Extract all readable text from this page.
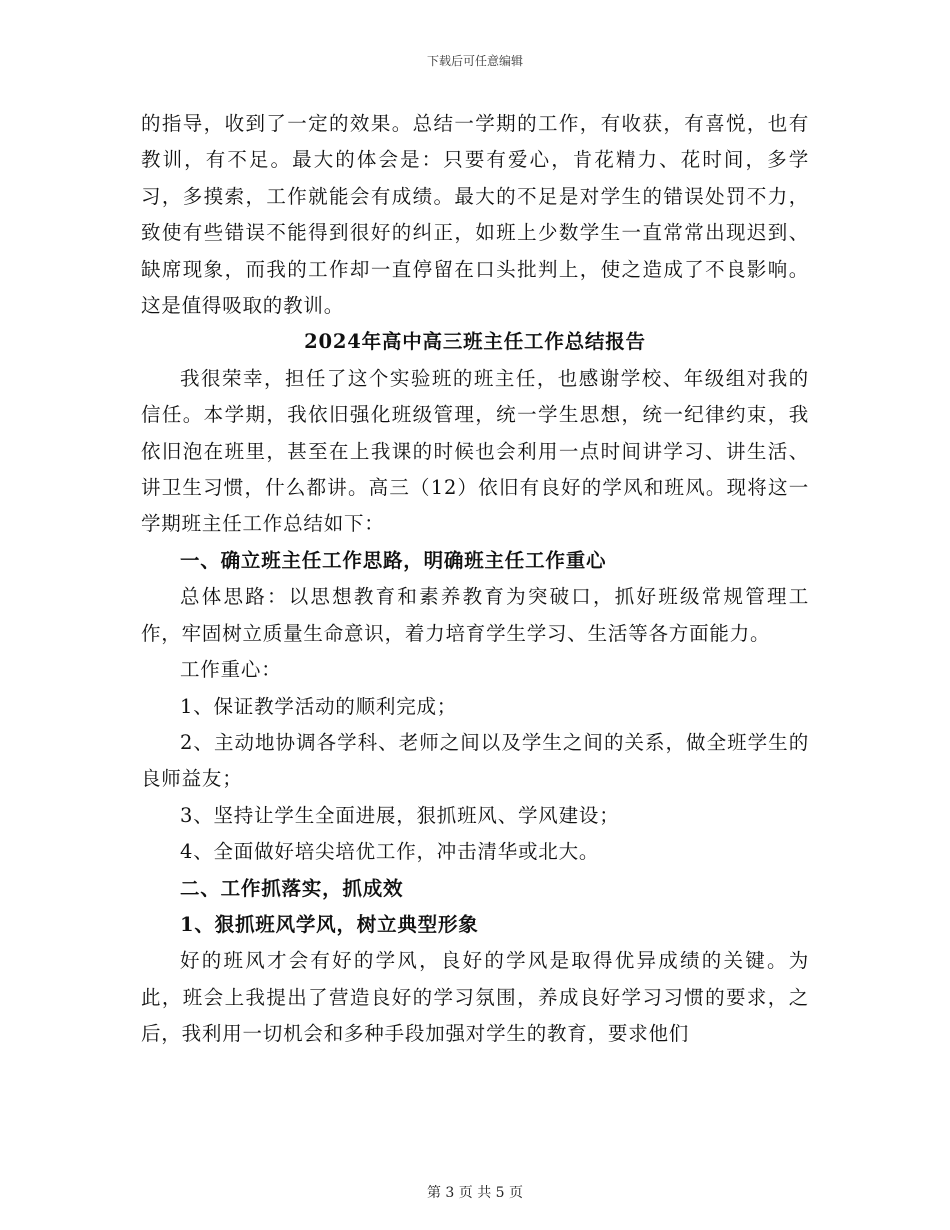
下载后可任意编辑

的指导，收到了一定的效果。总结一学期的工作，有收获，有喜悦，也有教训，有不足。最大的体会是：只要有爱心，肯花精力、花时间，多学习，多摸索，工作就能会有成绩。最大的不足是对学生的错误处罚不力，致使有些错误不能得到很好的纠正，如班上少数学生一直常常出现迟到、缺席现象，而我的工作却一直停留在口头批判上，使之造成了不良影响。这是值得吸取的教训。

2024年高中高三班主任工作总结报告

我很荣幸，担任了这个实验班的班主任，也感谢学校、年级组对我的信任。本学期，我依旧强化班级管理，统一学生思想，统一纪律约束，我依旧泡在班里，甚至在上我课的时候也会利用一点时间讲学习、讲生活、讲卫生习惯，什么都讲。高三（12）依旧有良好的学风和班风。现将这一学期班主任工作总结如下：

一、确立班主任工作思路，明确班主任工作重心

总体思路：以思想教育和素养教育为突破口，抓好班级常规管理工作，牢固树立质量生命意识，着力培育学生学习、生活等各方面能力。

工作重心：

1、保证教学活动的顺利完成；

2、主动地协调各学科、老师之间以及学生之间的关系，做全班学生的良师益友；

3、坚持让学生全面进展，狠抓班风、学风建设；

4、全面做好培尖培优工作，冲击清华或北大。

二、工作抓落实，抓成效

1、狠抓班风学风，树立典型形象

好的班风才会有好的学风，良好的学风是取得优异成绩的关键。为此，班会上我提出了营造良好的学习氛围，养成良好学习习惯的要求，之后，我利用一切机会和多种手段加强对学生的教育，要求他们

第 3 页 共 5 页
